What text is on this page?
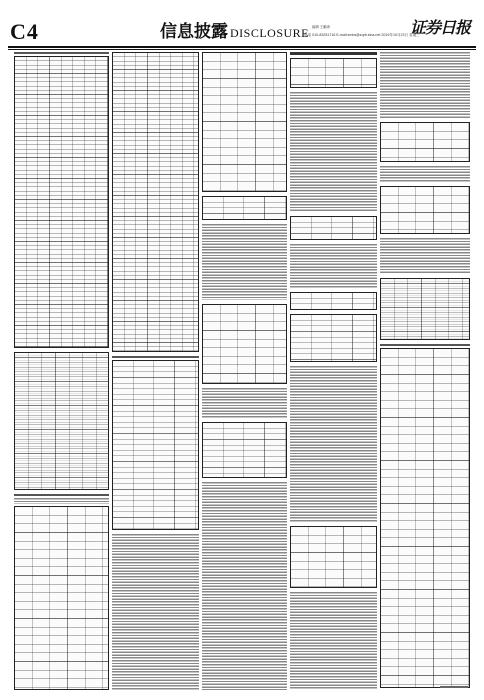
C4	信息披露 DISCLOSURE 编辑 王鹏涛
电话 010-83251716 E-mail:zmbs@zqrb.sina.net 2019年10月23日 星期三
证券日报
